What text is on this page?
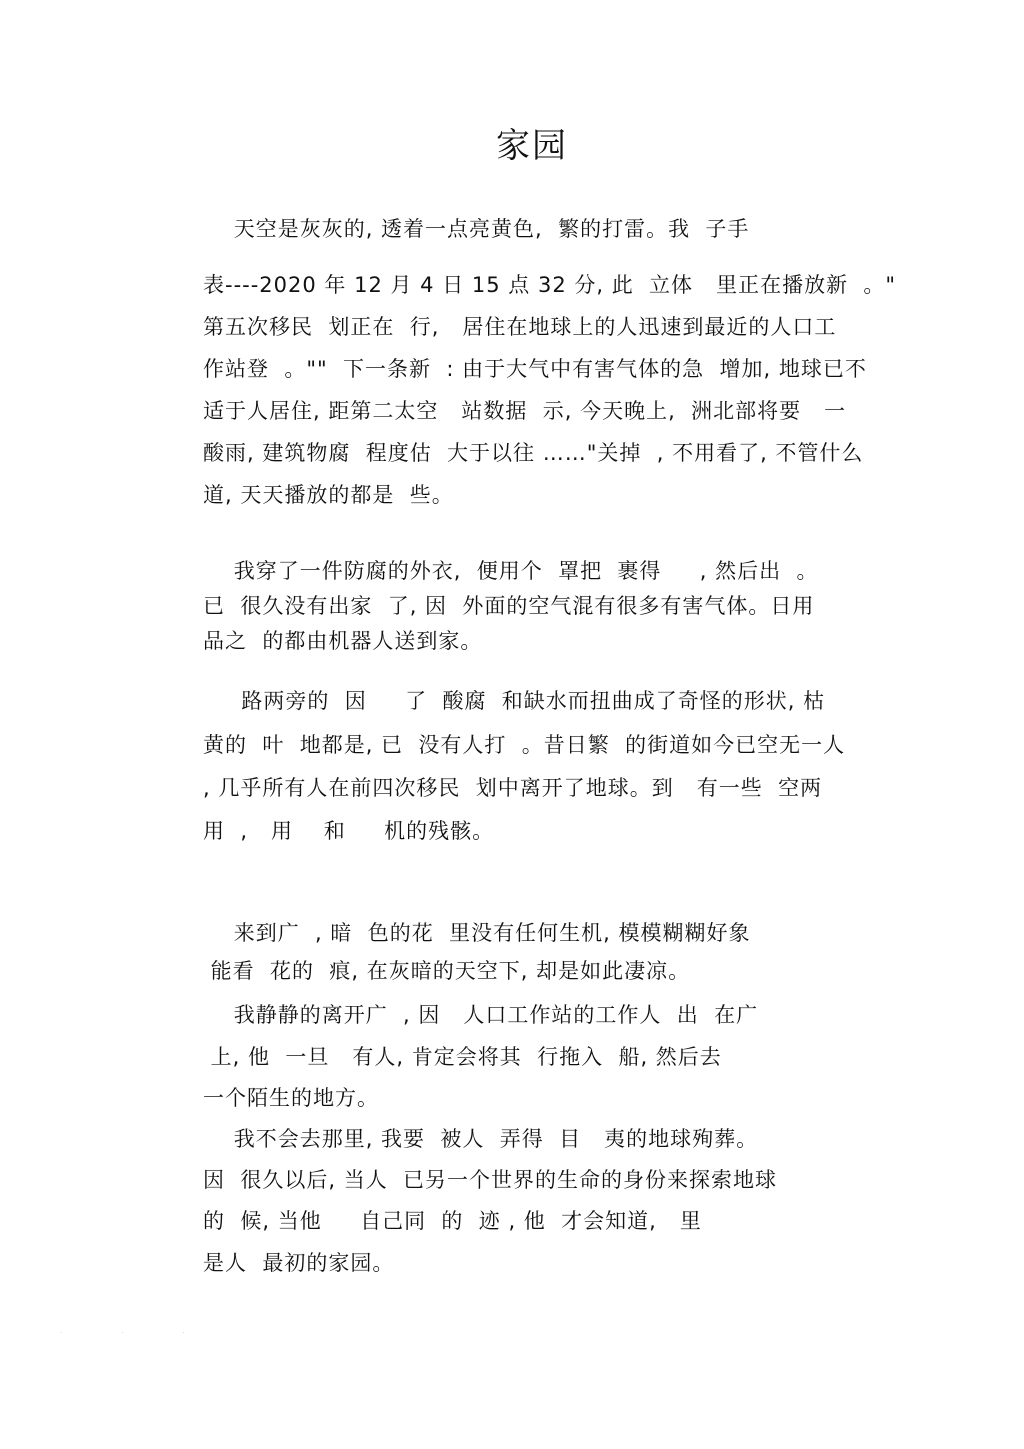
家园
天空是灰灰的, 透着一点亮黄色,  繁的打雷。我  子手
表----2020 年 12 月 4 日 15 点 32 分, 此  立体   里正在播放新  。"
第五次移民  划正在  行,   居住在地球上的人迅速到最近的人口工
作站登  。""  下一条新  : 由于大气中有害气体的急  增加, 地球已不
适于人居住, 距第二太空   站数据  示, 今天晚上,  洲北部将要   一
酸雨, 建筑物腐  程度估  大于以往 ……"关掉  , 不用看了, 不管什么
道, 天天播放的都是  些。
我穿了一件防腐的外衣,  便用个  罩把  裹得     , 然后出  。
已  很久没有出家  了, 因  外面的空气混有很多有害气体。日用
品之  的都由机器人送到家。
路两旁的  因     了  酸腐  和缺水而扭曲成了奇怪的形状, 枯
黄的  叶  地都是, 已  没有人打  。昔日繁  的街道如今已空无一人
, 几乎所有人在前四次移民  划中离开了地球。到   有一些  空两
用  ,   用    和     机的残骸。
来到广  , 暗  色的花  里没有任何生机, 模模糊糊好象
能看  花的  痕, 在灰暗的天空下, 却是如此凄凉。
我静静的离开广  , 因   人口工作站的工作人  出  在广
上, 他  一旦   有人, 肯定会将其  行拖入  船, 然后去
一个陌生的地方。
我不会去那里, 我要  被人  弄得  目   夷的地球殉葬。
因  很久以后, 当人  已另一个世界的生命的身份来探索地球
的  候, 当他     自己同  的  迹 , 他  才会知道,   里
是人  最初的家园。
. . .
